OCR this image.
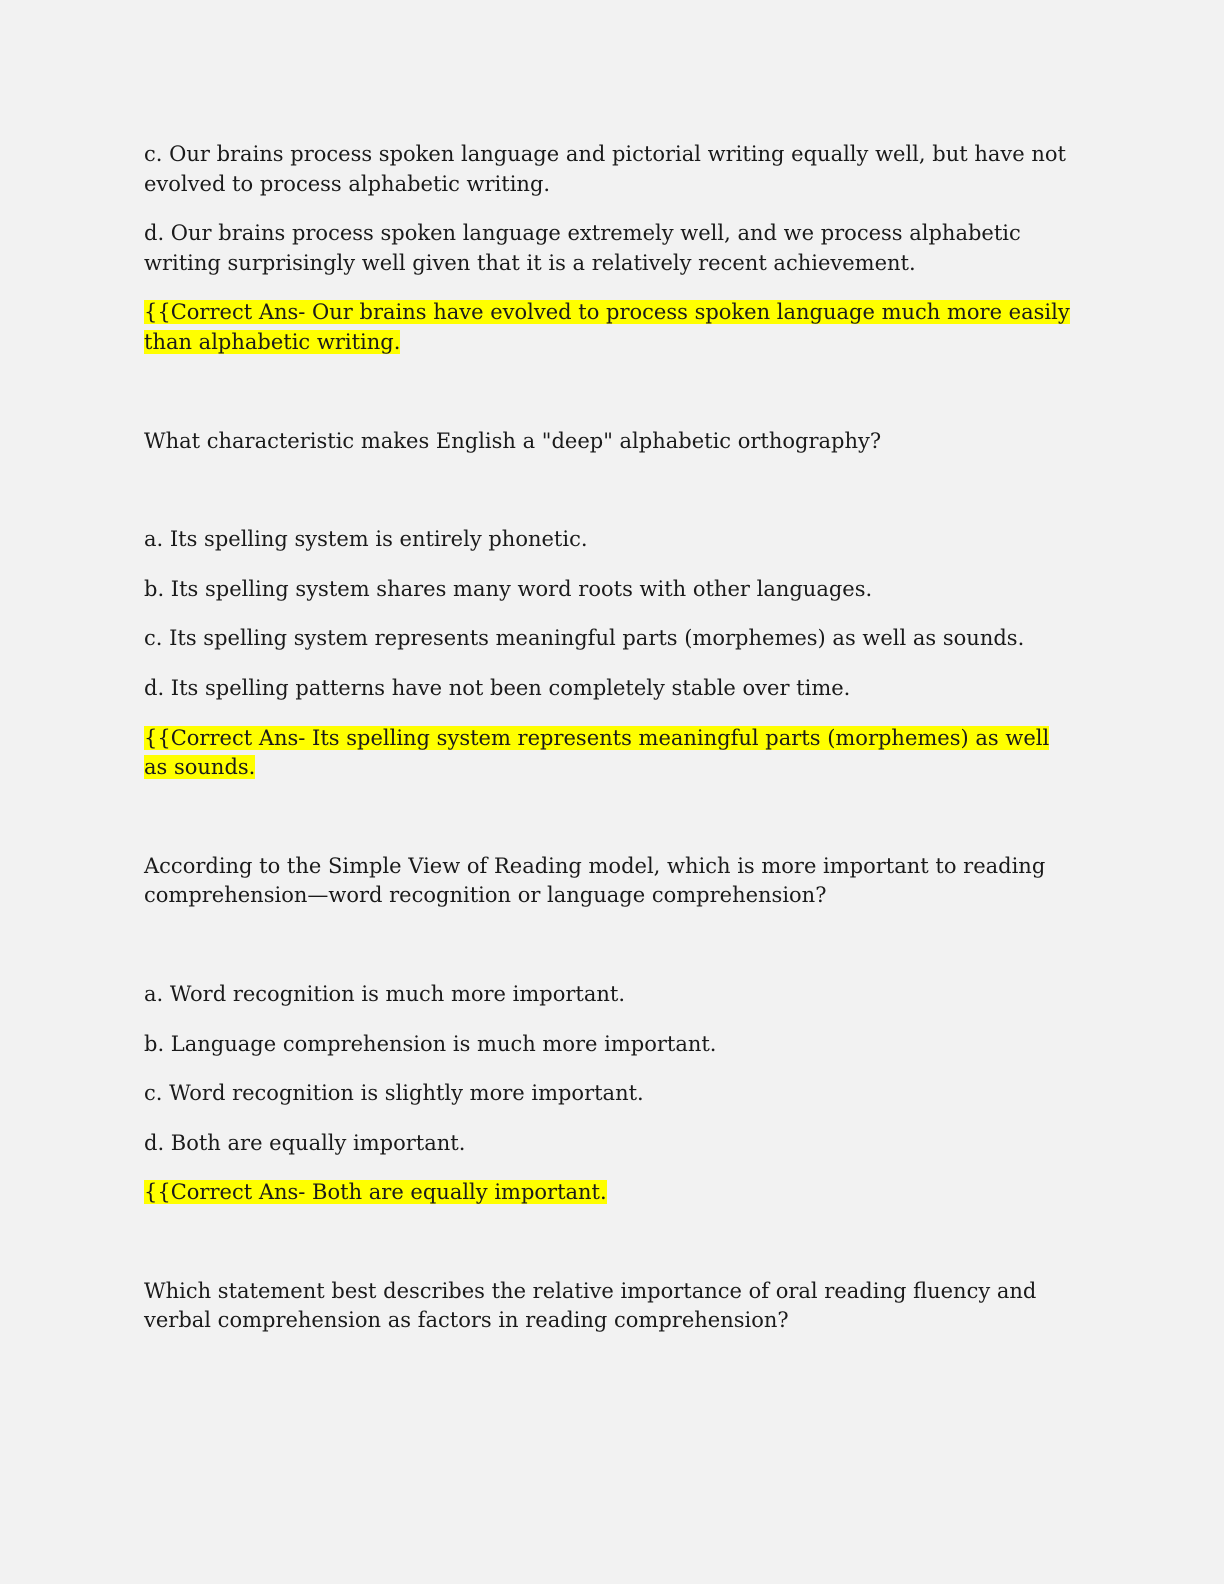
c. Our brains process spoken language and pictorial writing equally well, but have not evolved to process alphabetic writing.

d. Our brains process spoken language extremely well, and we process alphabetic writing surprisingly well given that it is a relatively recent achievement.

{{Correct Ans- Our brains have evolved to process spoken language much more easily than alphabetic writing.

What characteristic makes English a "deep" alphabetic orthography?

a. Its spelling system is entirely phonetic.

b. Its spelling system shares many word roots with other languages.

c. Its spelling system represents meaningful parts (morphemes) as well as sounds.

d. Its spelling patterns have not been completely stable over time.

{{Correct Ans- Its spelling system represents meaningful parts (morphemes) as well as sounds.

According to the Simple View of Reading model, which is more important to reading comprehension—word recognition or language comprehension?

a. Word recognition is much more important.

b. Language comprehension is much more important.

c. Word recognition is slightly more important.

d. Both are equally important.

{{Correct Ans- Both are equally important.

Which statement best describes the relative importance of oral reading fluency and verbal comprehension as factors in reading comprehension?
